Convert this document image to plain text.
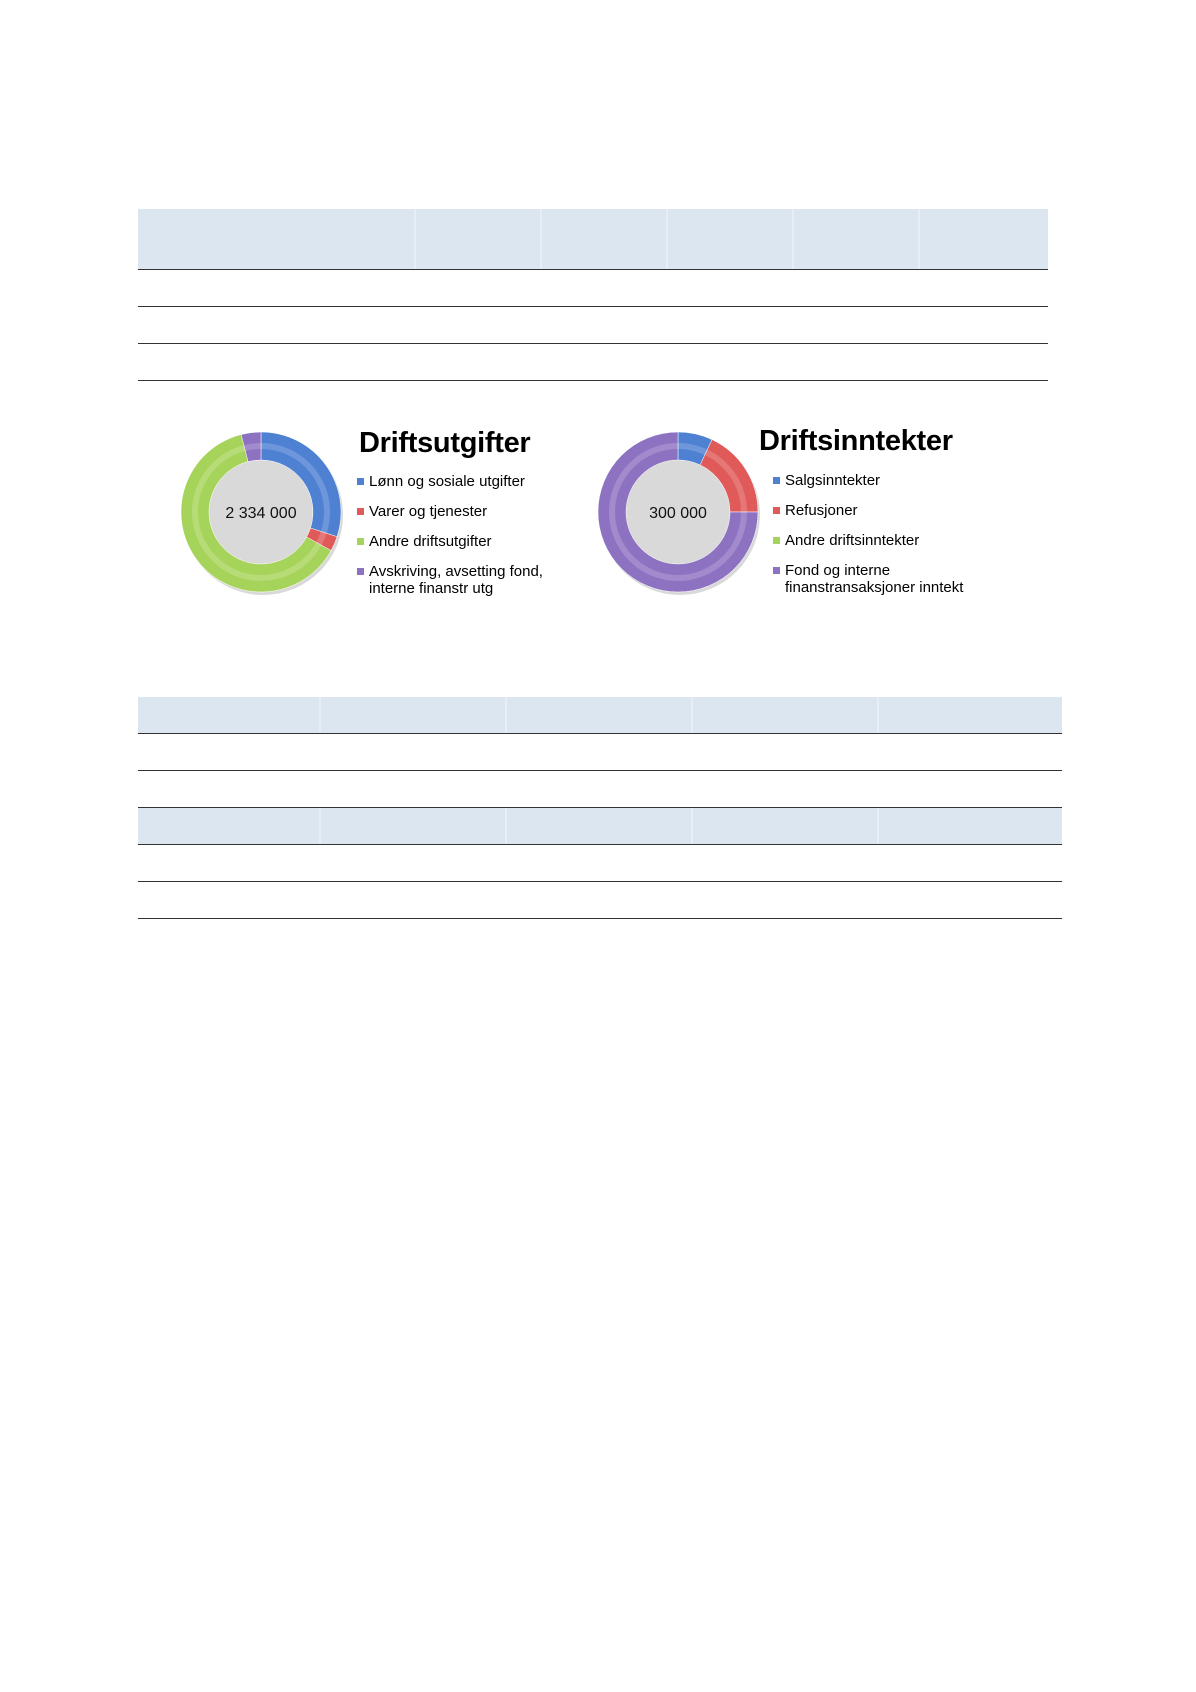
2 334 000
Driftsutgifter
Lønn og sosiale utgifter
Varer og tjenester
Andre driftsutgifter
Avskriving, avsetting fond, interne finanstr utg
300 000
Driftsinntekter
Salgsinntekter
Refusjoner
Andre driftsinntekter
Fond og interne finanstransaksjoner inntekt
